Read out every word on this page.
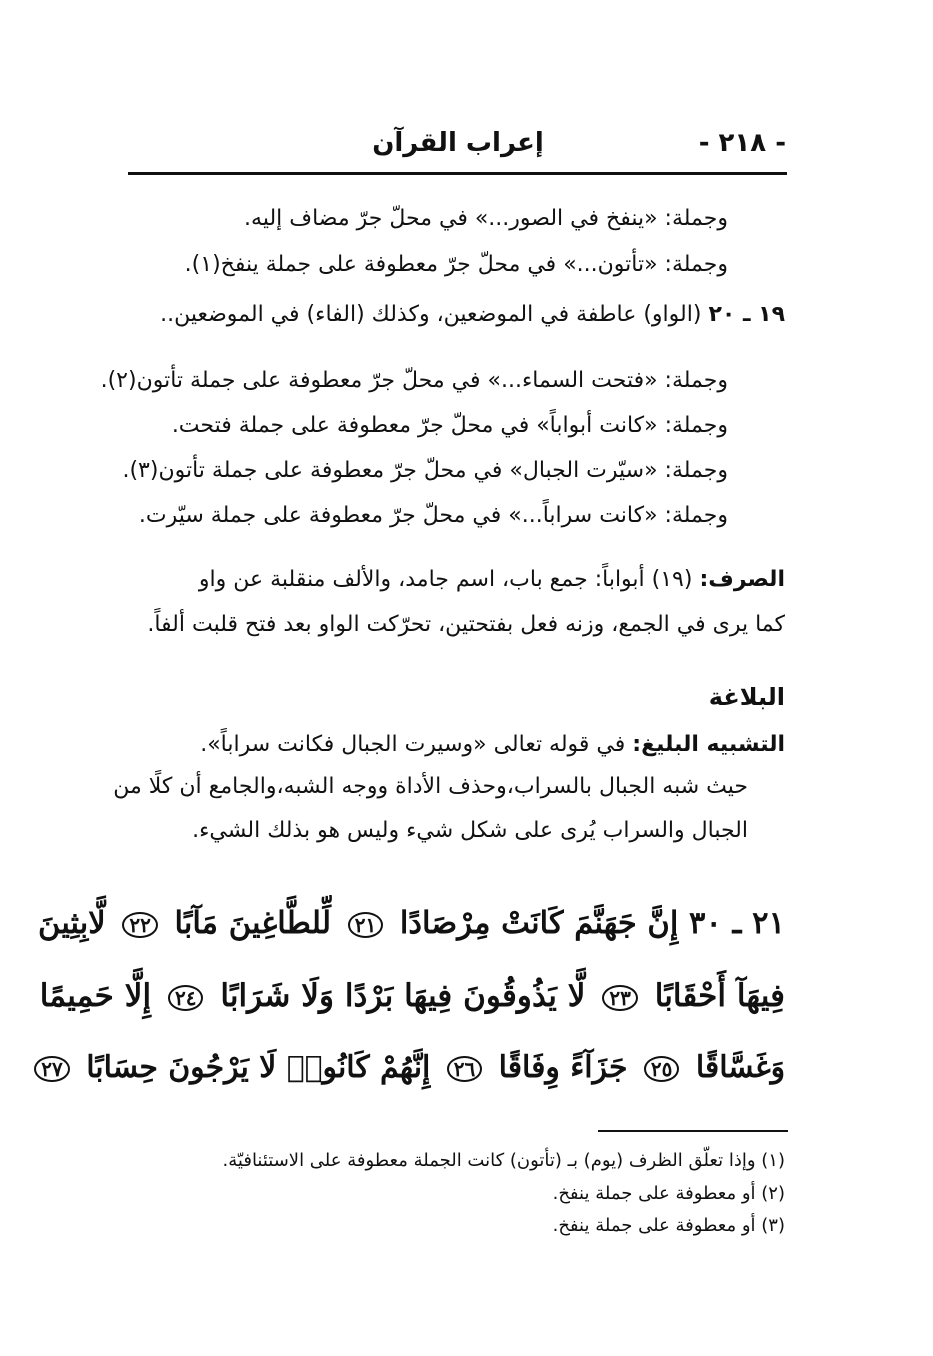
- ٢١٨ -
إعراب القرآن
وجملة: «ينفخ في الصور...» في محلّ جرّ مضاف إليه.
وجملة: «تأتون...» في محلّ جرّ معطوفة على جملة ينفخ(١).
١٩ ـ ٢٠ (الواو) عاطفة في الموضعين، وكذلك (الفاء) في الموضعين..
وجملة: «فتحت السماء...» في محلّ جرّ معطوفة على جملة تأتون(٢).
وجملة: «كانت أبواباً» في محلّ جرّ معطوفة على جملة فتحت.
وجملة: «سيّرت الجبال» في محلّ جرّ معطوفة على جملة تأتون(٣).
وجملة: «كانت سراباً...» في محلّ جرّ معطوفة على جملة سيّرت.
الصرف: (١٩) أبواباً: جمع باب، اسم جامد، والألف منقلبة عن واو
كما يرى في الجمع، وزنه فعل بفتحتين، تحرّكت الواو بعد فتح قلبت ألفاً.
البلاغة
التشبيه البليغ: في قوله تعالى «وسيرت الجبال فكانت سراباً».
حيث شبه الجبال بالسراب،وحذف الأداة ووجه الشبه،والجامع أن كلًا من
الجبال والسراب يُرى على شكل شيء وليس هو بذلك الشيء.
٢١ ـ ٣٠ إِنَّ جَهَنَّمَ كَانَتْ مِرْصَادًا ٢١ لِّلطَّاغِينَ مَآبًا ٢٢ لَّابِثِينَ
فِيهَآ أَحْقَابًا ٢٣ لَّا يَذُوقُونَ فِيهَا بَرْدًا وَلَا شَرَابًا ٢٤ إِلَّا حَمِيمًا
وَغَسَّاقًا ٢٥ جَزَآءً وِفَاقًا ٢٦ إِنَّهُمْ كَانُوا۟ لَا يَرْجُونَ حِسَابًا ٢٧
(١) وإذا تعلّق الظرف (يوم) بـ (تأتون) كانت الجملة معطوفة على الاستئنافيّة.
(٢) أو معطوفة على جملة ينفخ.
(٣) أو معطوفة على جملة ينفخ.
